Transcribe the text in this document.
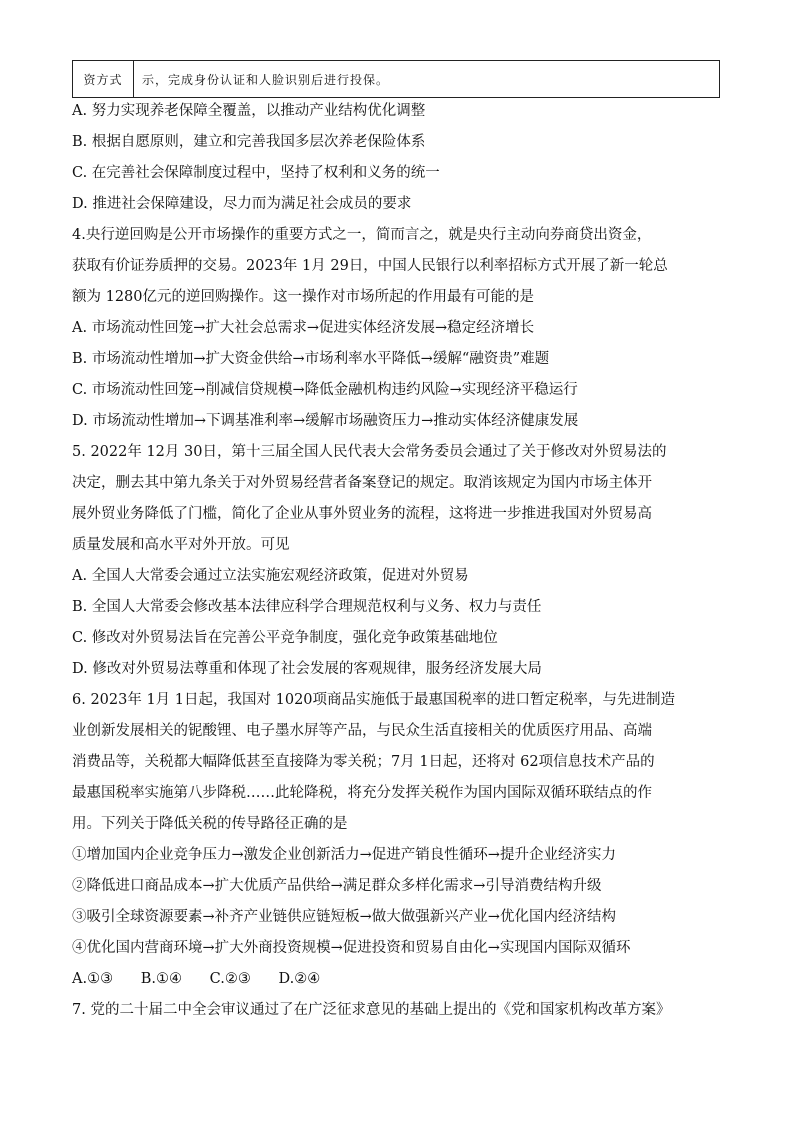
资方式	示，完成身份认证和人脸识别后进行投保。
A. 努力实现养老保障全覆盖，以推动产业结构优化调整
B. 根据自愿原则，建立和完善我国多层次养老保险体系
C. 在完善社会保障制度过程中，坚持了权利和义务的统一
D. 推进社会保障建设，尽力而为满足社会成员的要求
4.央行逆回购是公开市场操作的重要方式之一，简而言之，就是央行主动向券商贷出资金，
获取有价证券质押的交易。2023年 1月 29日，中国人民银行以利率招标方式开展了新一轮总
额为 1280亿元的逆回购操作。这一操作对市场所起的作用最有可能的是
A. 市场流动性回笼→扩大社会总需求→促进实体经济发展→稳定经济增长
B. 市场流动性增加→扩大资金供给→市场利率水平降低→缓解“融资贵”难题
C. 市场流动性回笼→削减信贷规模→降低金融机构违约风险→实现经济平稳运行
D. 市场流动性增加→下调基准利率→缓解市场融资压力→推动实体经济健康发展
5. 2022年 12月 30日，第十三届全国人民代表大会常务委员会通过了关于修改对外贸易法的
决定，删去其中第九条关于对外贸易经营者备案登记的规定。取消该规定为国内市场主体开
展外贸业务降低了门槛，简化了企业从事外贸业务的流程，这将进一步推进我国对外贸易高
质量发展和高水平对外开放。可见
A. 全国人大常委会通过立法实施宏观经济政策，促进对外贸易
B. 全国人大常委会修改基本法律应科学合理规范权利与义务、权力与责任
C. 修改对外贸易法旨在完善公平竞争制度，强化竞争政策基础地位
D. 修改对外贸易法尊重和体现了社会发展的客观规律，服务经济发展大局
6. 2023年 1月 1日起，我国对 1020项商品实施低于最惠国税率的进口暂定税率，与先进制造
业创新发展相关的铌酸锂、电子墨水屏等产品，与民众生活直接相关的优质医疗用品、高端
消费品等，关税都大幅降低甚至直接降为零关税；7月 1日起，还将对 62项信息技术产品的
最惠国税率实施第八步降税……此轮降税，将充分发挥关税作为国内国际双循环联结点的作
用。下列关于降低关税的传导路径正确的是
①增加国内企业竞争压力→激发企业创新活力→促进产销良性循环→提升企业经济实力
②降低进口商品成本→扩大优质产品供给→满足群众多样化需求→引导消费结构升级
③吸引全球资源要素→补齐产业链供应链短板→做大做强新兴产业→优化国内经济结构
④优化国内营商环境→扩大外商投资规模→促进投资和贸易自由化→实现国内国际双循环
A.①③      B.①④      C.②③      D.②④
7. 党的二十届二中全会审议通过了在广泛征求意见的基础上提出的《党和国家机构改革方案》
